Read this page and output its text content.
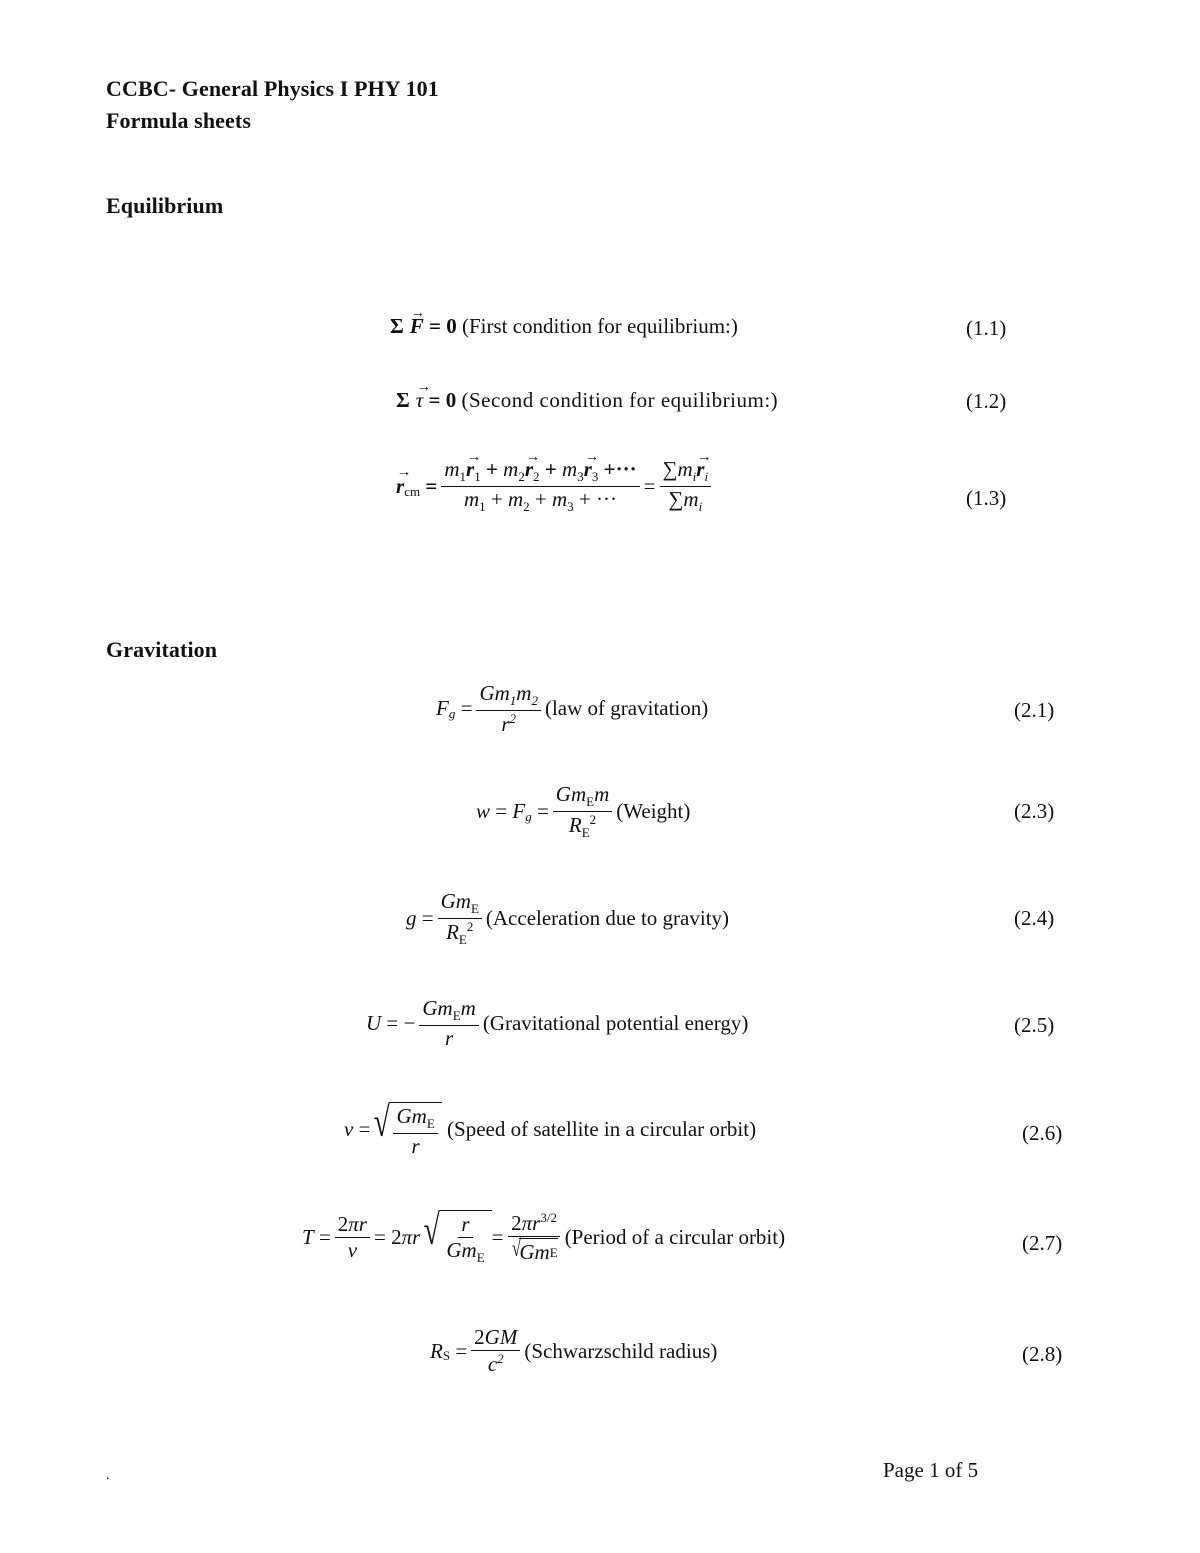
CCBC- General Physics I PHY 101
Formula sheets
Equilibrium
Σ → F = 0
(First condition for equilibrium:)	(1.1)
Σ → τ = 0
(Second condition for equilibrium:)	(1.2)
→ $r_{cm} = \frac{m_1\to r_1 + m_2\to r_2 + m_3\to r_3 +\cdot\cdot\cdot}{m_1 + m_2 + m_3 + \cdot\cdot\cdot} = \frac{\sum m_i\to r_i}{\sum m_i}$	(1.3)
Gravitation
$F_g = \frac{Gm_1m_2}{r^2} (law$ of gravitation)	(2.1)
$w = F_g = \frac{Gm_Em}{R_E^2}$ (Weight)	(2.3)
$g = \frac{Gm_E}{R_E^2}$ (Acceleration due to gravity)	(2.4)
U = − $\frac{Gm_Em}{r}$ (Gravitational potential energy)	(2.5)
v = √ $\frac{Gm_E}{r}$
(Speed of satellite in a circular orbit)	(2.6)
$T = \frac{2\pi r}{v} = 2$ πr √ $\frac{r}{Gm_E} = 2\pi r^{3/2}$
√
Gm E (Period of a circular orbit)	(2.7)
$R_S = \frac{2GM}{c^2}$ (Schwarzschild radius)	(2.8)
.	Page 1 of 5
